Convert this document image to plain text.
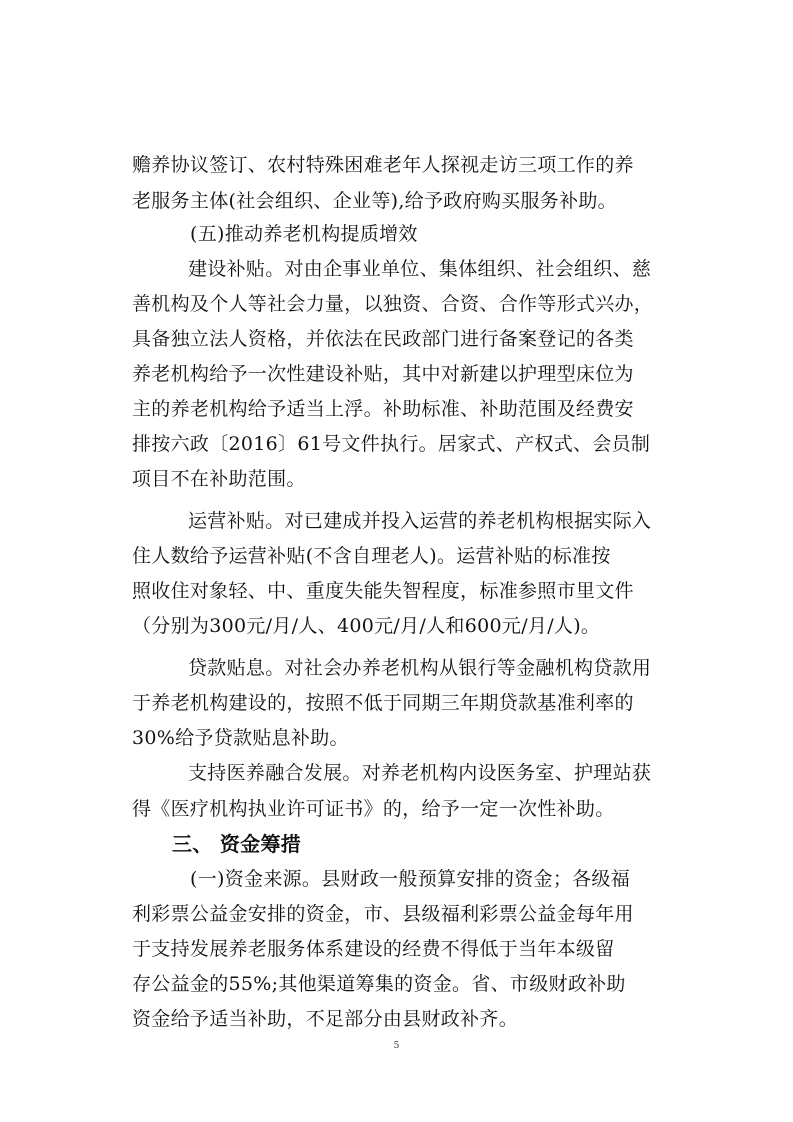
赡养协议签订、农村特殊困难老年人探视走访三项工作的养
老服务主体(社会组织、企业等),给予政府购买服务补助。
(五)推动养老机构提质增效
建设补贴。对由企事业单位、集体组织、社会组织、慈
善机构及个人等社会力量，以独资、合资、合作等形式兴办，
具备独立法人资格，并依法在民政部门进行备案登记的各类
养老机构给予一次性建设补贴，其中对新建以护理型床位为
主的养老机构给予适当上浮。补助标准、补助范围及经费安
排按六政〔2016〕61号文件执行。居家式、产权式、会员制
项目不在补助范围。
运营补贴。对已建成并投入运营的养老机构根据实际入
住人数给予运营补贴(不含自理老人)。运营补贴的标准按
照收住对象轻、中、重度失能失智程度，标准参照市里文件
（分别为300元/月/人、400元/月/人和600元/月/人)。
贷款贴息。对社会办养老机构从银行等金融机构贷款用
于养老机构建设的，按照不低于同期三年期贷款基准利率的
30%给予贷款贴息补助。
支持医养融合发展。对养老机构内设医务室、护理站获
得《医疗机构执业许可证书》的，给予一定一次性补助。
三、 资金筹措
(一)资金来源。县财政一般预算安排的资金；各级福
利彩票公益金安排的资金，市、县级福利彩票公益金每年用
于支持发展养老服务体系建设的经费不得低于当年本级留
存公益金的55%;其他渠道筹集的资金。省、市级财政补助
资金给予适当补助，不足部分由县财政补齐。
5
